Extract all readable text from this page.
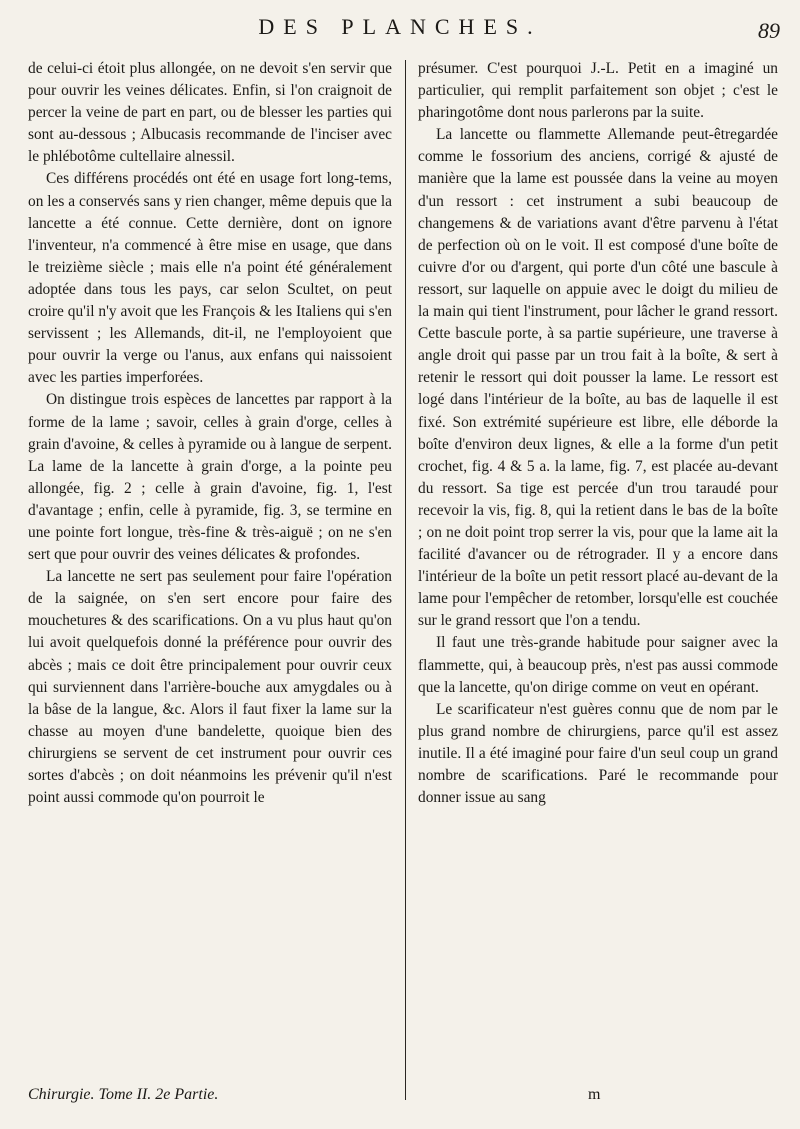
DES PLANCHES.	89

de celui-ci étoit plus allongée, on ne devoit s'en servir que pour ouvrir les veines délicates. Enfin, si l'on craignoit de percer la veine de part en part, ou de blesser les parties qui sont au-dessous ; Albucasis recommande de l'inciser avec le phlébotôme cultellaire alnessil.

Ces différens procédés ont été en usage fort long-tems, on les a conservés sans y rien changer, même depuis que la lancette a été connue. Cette dernière, dont on ignore l'inventeur, n'a commencé à être mise en usage, que dans le treizième siècle ; mais elle n'a point été généralement adoptée dans tous les pays, car selon Scultet, on peut croire qu'il n'y avoit que les François & les Italiens qui s'en servissent ; les Allemands, dit-il, ne l'employoient que pour ouvrir la verge ou l'anus, aux enfans qui naissoient avec les parties imperforées.

On distingue trois espèces de lancettes par rapport à la forme de la lame ; savoir, celles à grain d'orge, celles à grain d'avoine, & celles à pyramide ou à langue de serpent. La lame de la lancette à grain d'orge, a la pointe peu allongée, fig. 2 ; celle à grain d'avoine, fig. 1, l'est d'avantage ; enfin, celle à pyramide, fig. 3, se termine en une pointe fort longue, très-fine & très-aiguë ; on ne s'en sert que pour ouvrir des veines délicates & profondes.

La lancette ne sert pas seulement pour faire l'opération de la saignée, on s'en sert encore pour faire des mouchetures & des scarifications. On a vu plus haut qu'on lui avoit quelquefois donné la préférence pour ouvrir des abcès ; mais ce doit être principalement pour ouvrir ceux qui surviennent dans l'arrière-bouche aux amygdales ou à la bâse de la langue, &c. Alors il faut fixer la lame sur la chasse au moyen d'une bandelette, quoique bien des chirurgiens se servent de cet instrument pour ouvrir ces sortes d'abcès ; on doit néanmoins les prévenir qu'il n'est point aussi commode qu'on pourroit le

présumer. C'est pourquoi J.-L. Petit en a imaginé un particulier, qui remplit parfaitement son objet ; c'est le pharingotôme dont nous parlerons par la suite.

La lancette ou flammette Allemande peut-êtregardée comme le fossorium des anciens, corrigé & ajusté de manière que la lame est poussée dans la veine au moyen d'un ressort : cet instrument a subi beaucoup de changemens & de variations avant d'être parvenu à l'état de perfection où on le voit. Il est composé d'une boîte de cuivre d'or ou d'argent, qui porte d'un côté une bascule à ressort, sur laquelle on appuie avec le doigt du milieu de la main qui tient l'instrument, pour lâcher le grand ressort. Cette bascule porte, à sa partie supérieure, une traverse à angle droit qui passe par un trou fait à la boîte, & sert à retenir le ressort qui doit pousser la lame. Le ressort est logé dans l'intérieur de la boîte, au bas de laquelle il est fixé. Son extrémité supérieure est libre, elle déborde la boîte d'environ deux lignes, & elle a la forme d'un petit crochet, fig. 4 & 5 a. la lame, fig. 7, est placée au-devant du ressort. Sa tige est percée d'un trou taraudé pour recevoir la vis, fig. 8, qui la retient dans le bas de la boîte ; on ne doit point trop serrer la vis, pour que la lame ait la facilité d'avancer ou de rétrograder. Il y a encore dans l'intérieur de la boîte un petit ressort placé au-devant de la lame pour l'empêcher de retomber, lorsqu'elle est couchée sur le grand ressort que l'on a tendu.

Il faut une très-grande habitude pour saigner avec la flammette, qui, à beaucoup près, n'est pas aussi commode que la lancette, qu'on dirige comme on veut en opérant.

Le scarificateur n'est guères connu que de nom par le plus grand nombre de chirurgiens, parce qu'il est assez inutile. Il a été imaginé pour faire d'un seul coup un grand nombre de scarifications. Paré le recommande pour donner issue au sang

Chirurgie. Tome II. 2e Partie.	m
